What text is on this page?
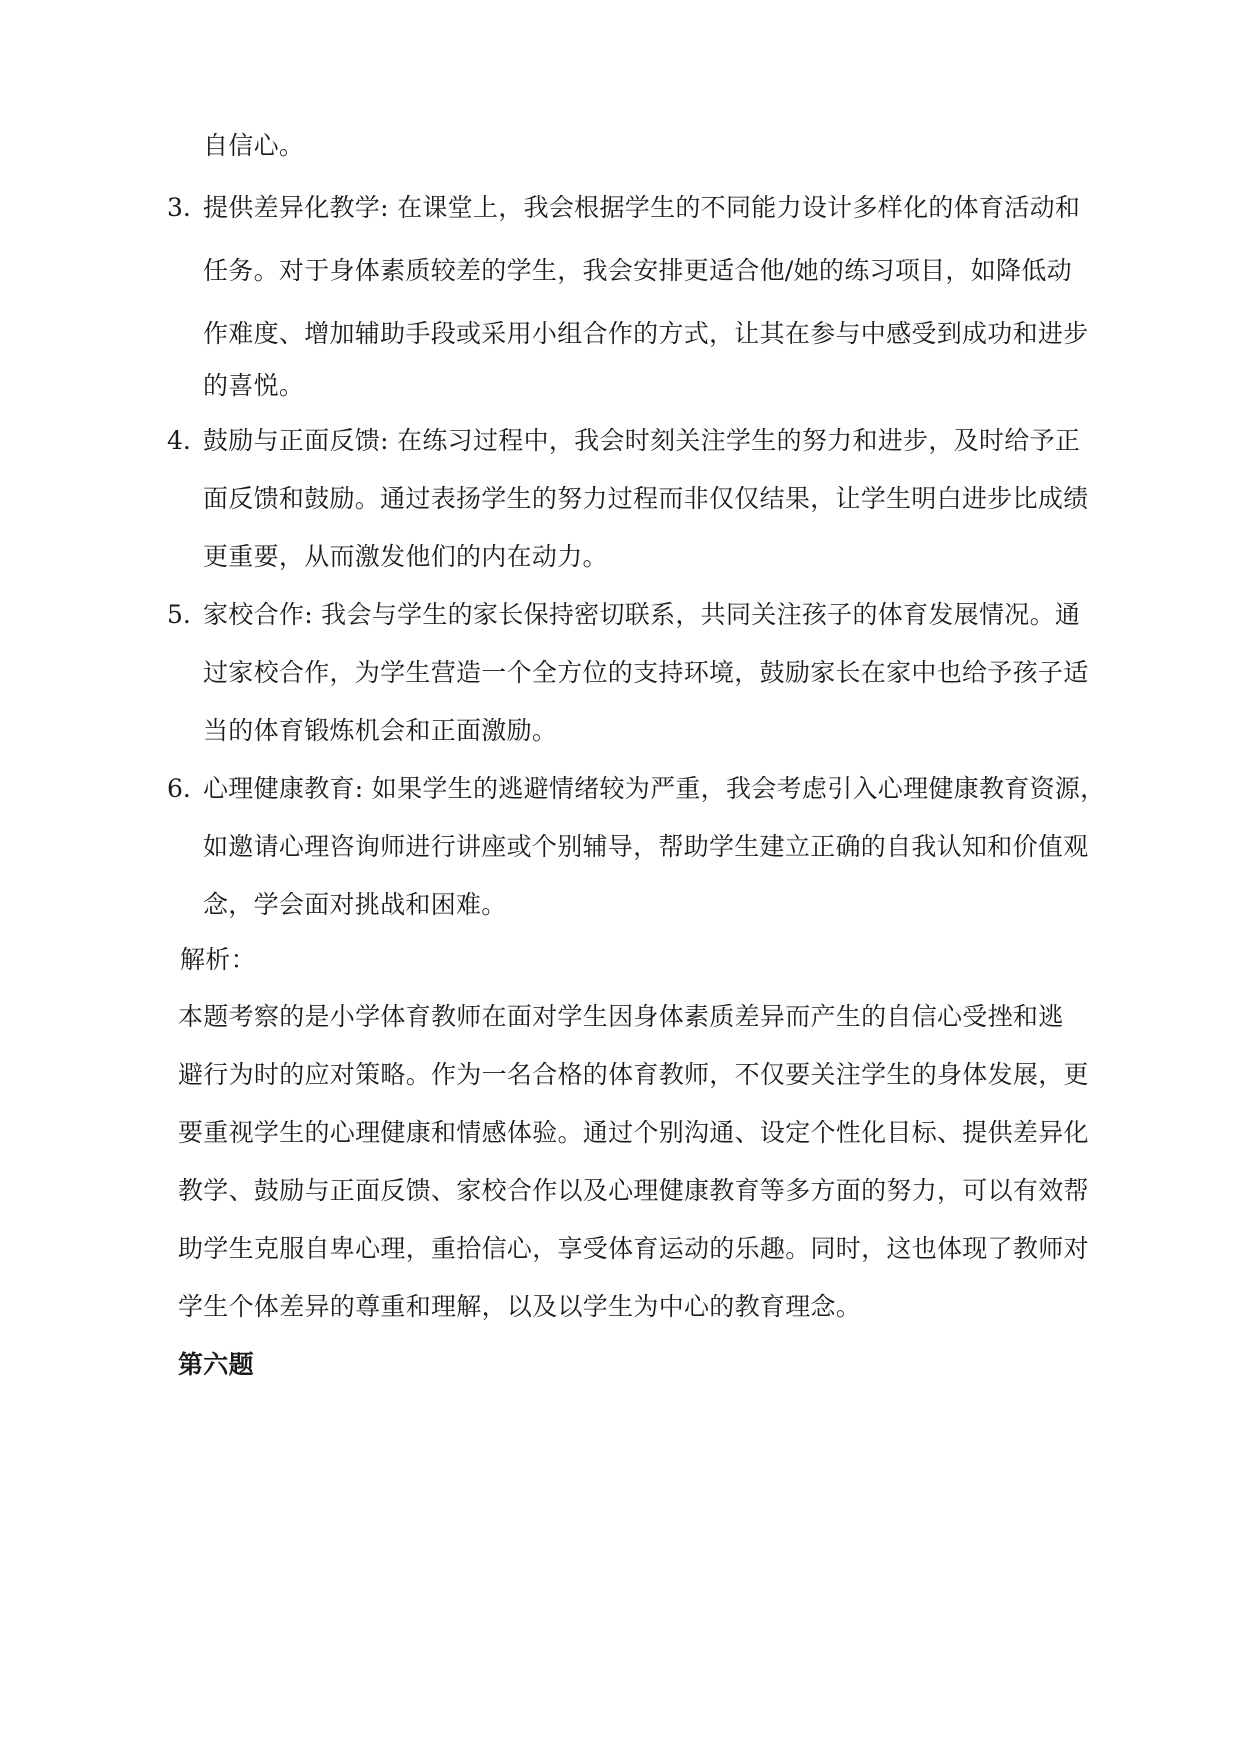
自信心。
3. 提供差异化教学: 在课堂上，我会根据学生的不同能力设计多样化的体育活动和
任务。对于身体素质较差的学生，我会安排更适合他/她的练习项目，如降低动
作难度、增加辅助手段或采用小组合作的方式，让其在参与中感受到成功和进步
的喜悦。
4. 鼓励与正面反馈: 在练习过程中，我会时刻关注学生的努力和进步，及时给予正
面反馈和鼓励。通过表扬学生的努力过程而非仅仅结果，让学生明白进步比成绩
更重要，从而激发他们的内在动力。
5. 家校合作: 我会与学生的家长保持密切联系，共同关注孩子的体育发展情况。通
过家校合作，为学生营造一个全方位的支持环境，鼓励家长在家中也给予孩子适
当的体育锻炼机会和正面激励。
6. 心理健康教育: 如果学生的逃避情绪较为严重，我会考虑引入心理健康教育资源，
如邀请心理咨询师进行讲座或个别辅导，帮助学生建立正确的自我认知和价值观
念，学会面对挑战和困难。
解析：
本题考察的是小学体育教师在面对学生因身体素质差异而产生的自信心受挫和逃
避行为时的应对策略。作为一名合格的体育教师，不仅要关注学生的身体发展，更
要重视学生的心理健康和情感体验。通过个别沟通、设定个性化目标、提供差异化
教学、鼓励与正面反馈、家校合作以及心理健康教育等多方面的努力，可以有效帮
助学生克服自卑心理，重拾信心，享受体育运动的乐趣。同时，这也体现了教师对
学生个体差异的尊重和理解，以及以学生为中心的教育理念。
第六题
